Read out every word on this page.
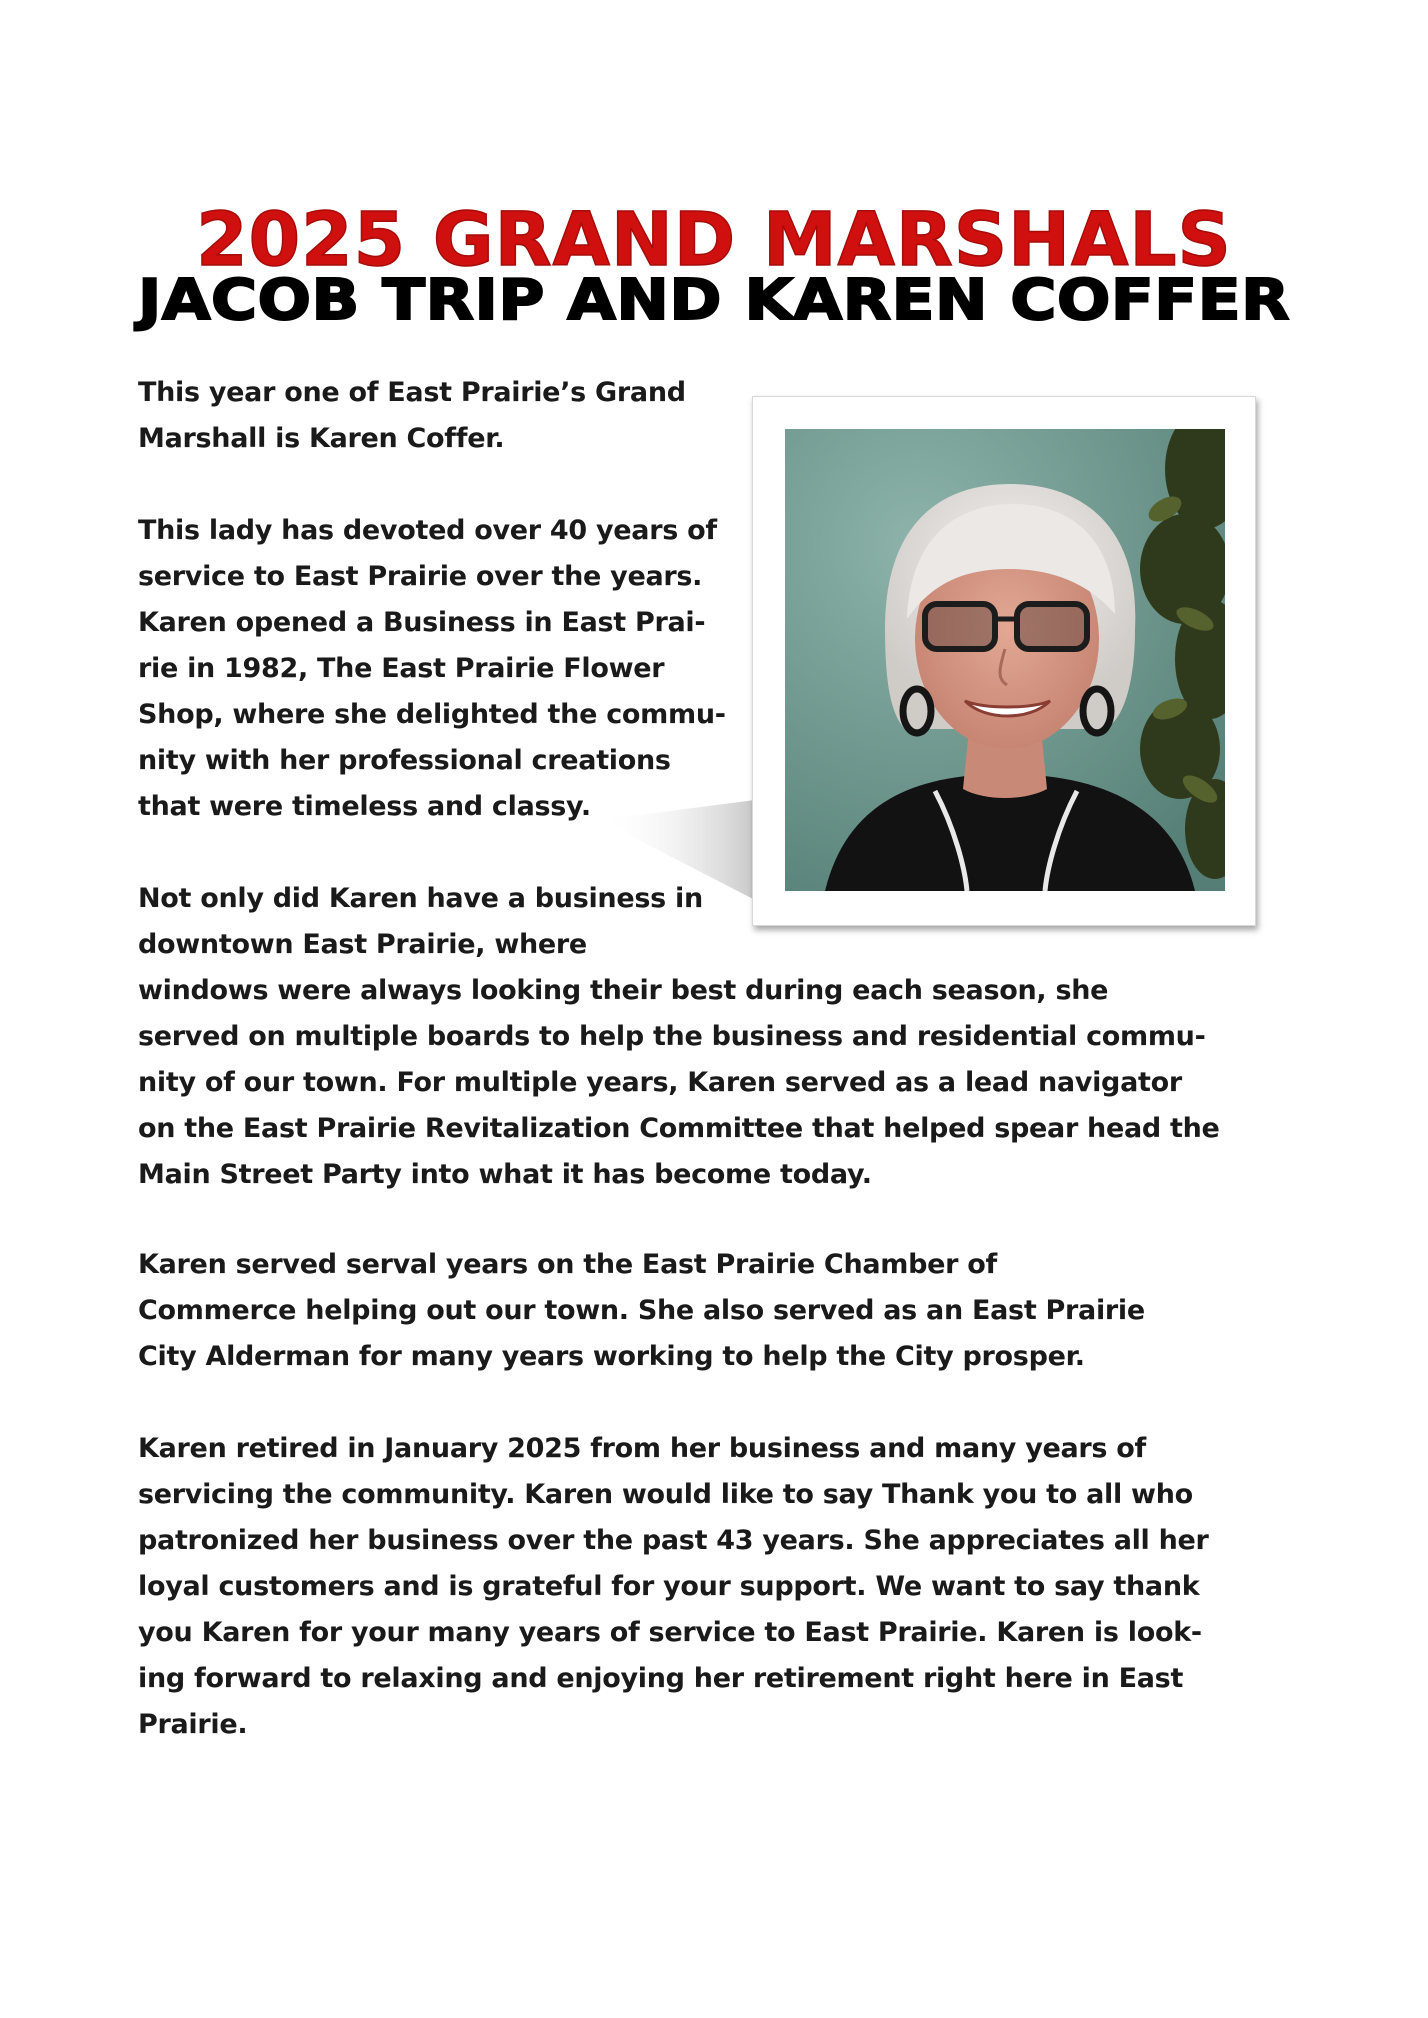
2025 GRAND MARSHALS
JACOB TRIP AND KAREN COFFER
This year one of East Prairie’s Grand
Marshall is Karen Coffer.
This lady has devoted over 40 years of
service to East Prairie over the years.
Karen opened a Business in East Prai-
rie in 1982, The East Prairie Flower
Shop, where she delighted the commu-
nity with her professional creations
that were timeless and classy.
Not only did Karen have a business in
downtown East Prairie, where
windows were always looking their best during each season, she
served on multiple boards to help the business and residential commu-
nity of our town. For multiple years, Karen served as a lead navigator
on the East Prairie Revitalization Committee that helped spear head the
Main Street Party into what it has become today.
Karen served serval years on the East Prairie Chamber of
Commerce helping out our town. She also served as an East Prairie
City Alderman for many years working to help the City prosper.
Karen retired in January 2025 from her business and many years of
servicing the community. Karen would like to say Thank you to all who
patronized her business over the past 43 years. She appreciates all her
loyal customers and is grateful for your support. We want to say thank
you Karen for your many years of service to East Prairie. Karen is look-
ing forward to relaxing and enjoying her retirement right here in East
Prairie.
